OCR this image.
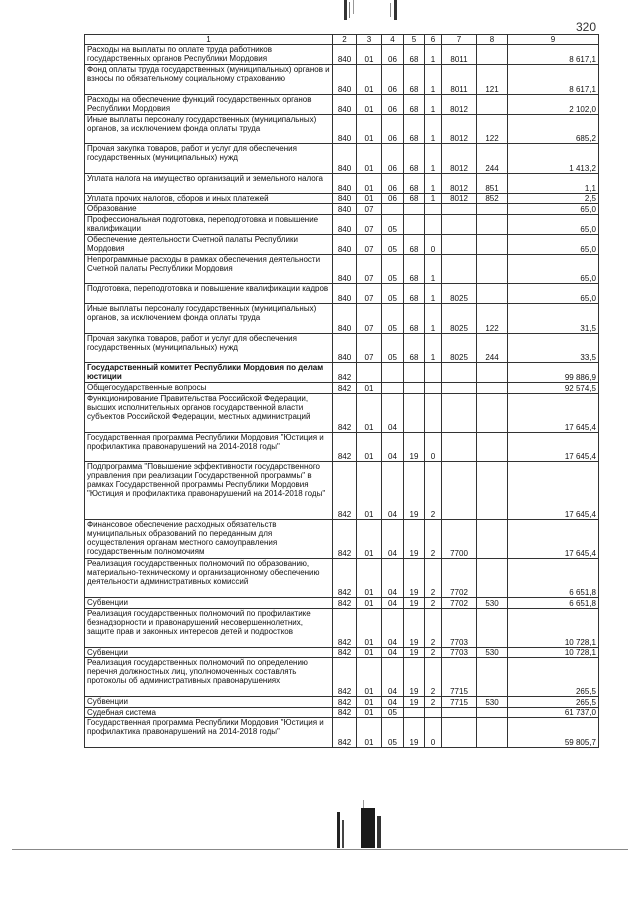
320
1	2	3	4	5	6	7	8	9
Расходы на выплаты по оплате труда работников государственных органов Республики Мордовия	840	01	06	68	1	8011		8 617,1
Фонд оплаты труда государственных (муниципальных) органов и взносы по обязательному социальному страхованию	840	01	06	68	1	8011	121	8 617,1
Расходы на обеспечение функций государственных органов Республики Мордовия	840	01	06	68	1	8012		2 102,0
Иные выплаты персоналу государственных (муниципальных) органов, за исключением фонда оплаты труда	840	01	06	68	1	8012	122	685,2
Прочая закупка товаров, работ и услуг для обеспечения государственных (муниципальных) нужд	840	01	06	68	1	8012	244	1 413,2
Уплата налога на имущество организаций и земельного налога	840	01	06	68	1	8012	851	1,1
Уплата прочих налогов, сборов и иных платежей	840	01	06	68	1	8012	852	2,5
Образование	840	07						65,0
Профессиональная подготовка, переподготовка и повышение квалификации	840	07	05					65,0
Обеспечение деятельности Счетной палаты Республики Мордовия	840	07	05	68	0			65,0
Непрограммные расходы в рамках обеспечения деятельности Счетной палаты Республики Мордовия	840	07	05	68	1			65,0
Подготовка, переподготовка и повышение квалификации кадров	840	07	05	68	1	8025		65,0
Иные выплаты персоналу государственных (муниципальных) органов, за исключением фонда оплаты труда	840	07	05	68	1	8025	122	31,5
Прочая закупка товаров, работ и услуг для обеспечения государственных (муниципальных) нужд	840	07	05	68	1	8025	244	33,5
Государственный комитет Республики Мордовия по делам юстиции	842							99 886,9
Общегосударственные вопросы	842	01						92 574,5
Функционирование Правительства Российской Федерации, высших исполнительных органов государственной власти субъектов Российской Федерации, местных администраций	842	01	04					17 645,4
Государственная программа Республики Мордовия "Юстиция и профилактика правонарушений на 2014-2018 годы"	842	01	04	19	0			17 645,4
Подпрограмма "Повышение эффективности государственного управления при реализации Государственной программы" в рамках Государственной программы Республики Мордовия "Юстиция и профилактика правонарушений на 2014-2018 годы"	842	01	04	19	2			17 645,4
Финансовое обеспечение расходных обязательств муниципальных образований по переданным для осуществления органам местного самоуправления государственным полномочиям	842	01	04	19	2	7700		17 645,4
Реализация государственных полномочий по образованию, материально-техническому и организационному обеспечению деятельности административных комиссий	842	01	04	19	2	7702		6 651,8
Субвенции	842	01	04	19	2	7702	530	6 651,8
Реализация государственных полномочий по профилактике безнадзорности и правонарушений несовершеннолетних, защите прав и законных интересов детей и подростков	842	01	04	19	2	7703		10 728,1
Субвенции	842	01	04	19	2	7703	530	10 728,1
Реализация государственных полномочий по определению перечня должностных лиц, уполномоченных составлять протоколы об административных правонарушениях	842	01	04	19	2	7715		265,5
Субвенции	842	01	04	19	2	7715	530	265,5
Судебная система	842	01	05					61 737,0
Государственная программа Республики Мордовия "Юстиция и профилактика правонарушений на 2014-2018 годы"	842	01	05	19	0			59 805,7
